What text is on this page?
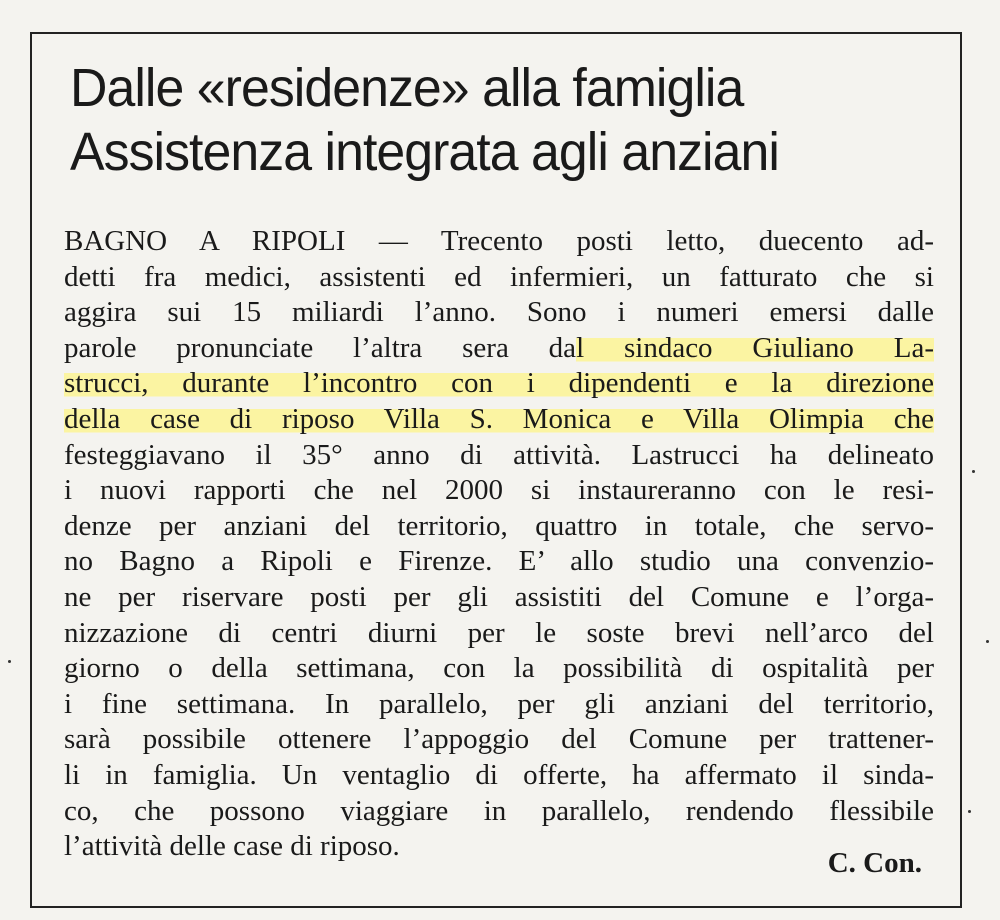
Dalle «residenze» alla famiglia
Assistenza integrata agli anziani
BAGNO A RIPOLI — Trecento posti letto, duecento ad-
detti fra medici, assistenti ed infermieri, un fatturato che si
aggira sui 15 miliardi l’anno. Sono i numeri emersi dalle
parole pronunciate l’altra sera dal sindaco Giuliano La-
strucci, durante l’incontro con i dipendenti e la direzione
della case di riposo Villa S. Monica e Villa Olimpia che
festeggiavano il 35° anno di attività. Lastrucci ha delineato
i nuovi rapporti che nel 2000 si instaureranno con le resi-
denze per anziani del territorio, quattro in totale, che servo-
no Bagno a Ripoli e Firenze. E’ allo studio una convenzio-
ne per riservare posti per gli assistiti del Comune e l’orga-
nizzazione di centri diurni per le soste brevi nell’arco del
giorno o della settimana, con la possibilità di ospitalità per
i fine settimana. In parallelo, per gli anziani del territorio,
sarà possibile ottenere l’appoggio del Comune per trattener-
li in famiglia. Un ventaglio di offerte, ha affermato il sinda-
co, che possono viaggiare in parallelo, rendendo flessibile
l’attività delle case di riposo.
C. Con.
